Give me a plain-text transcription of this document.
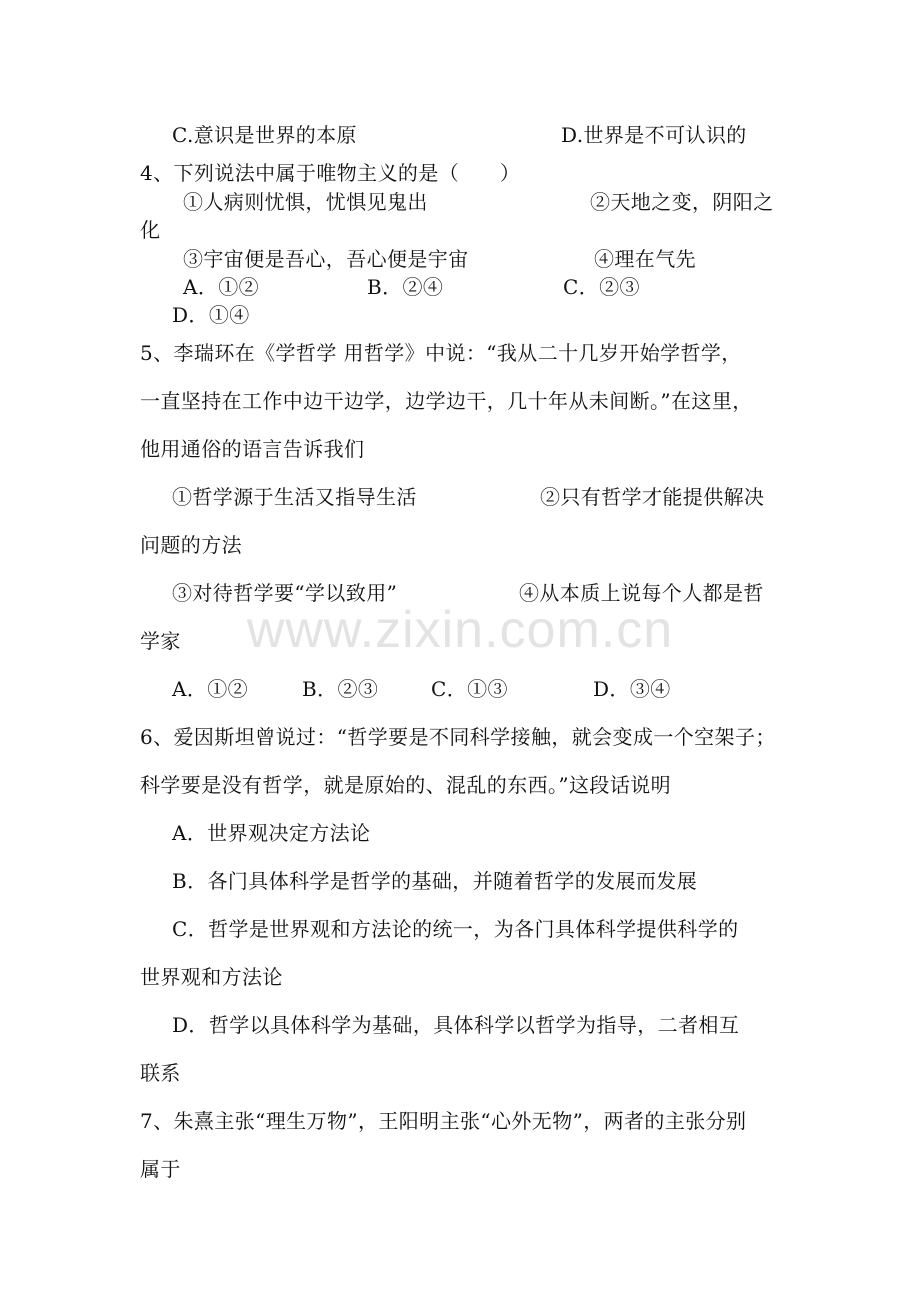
www.zixin.com.cn
C.意识是世界的本原	D.世界是不可认识的
4、下列说法中属于唯物主义的是（　　）
①人病则忧惧，忧惧见鬼出	②天地之变，阴阳之
化
③宇宙便是吾心，吾心便是宇宙	④理在气先
A．①②	B．②④	C．②③
D．①④
5、李瑞环在《学哲学 用哲学》中说：“我从二十几岁开始学哲学，
一直坚持在工作中边干边学，边学边干，几十年从未间断。”在这里，
他用通俗的语言告诉我们
①哲学源于生活又指导生活	②只有哲学才能提供解决
问题的方法
③对待哲学要“学以致用”	④从本质上说每个人都是哲
学家
A．①②	B．②③	C．①③	D．③④
6、爱因斯坦曾说过：“哲学要是不同科学接触，就会变成一个空架子；
科学要是没有哲学，就是原始的、混乱的东西。”这段话说明
A．世界观决定方法论
B．各门具体科学是哲学的基础，并随着哲学的发展而发展
C．哲学是世界观和方法论的统一，为各门具体科学提供科学的
世界观和方法论
D．哲学以具体科学为基础，具体科学以哲学为指导，二者相互
联系
7、朱熹主张“理生万物”，王阳明主张“心外无物”，两者的主张分别
属于
